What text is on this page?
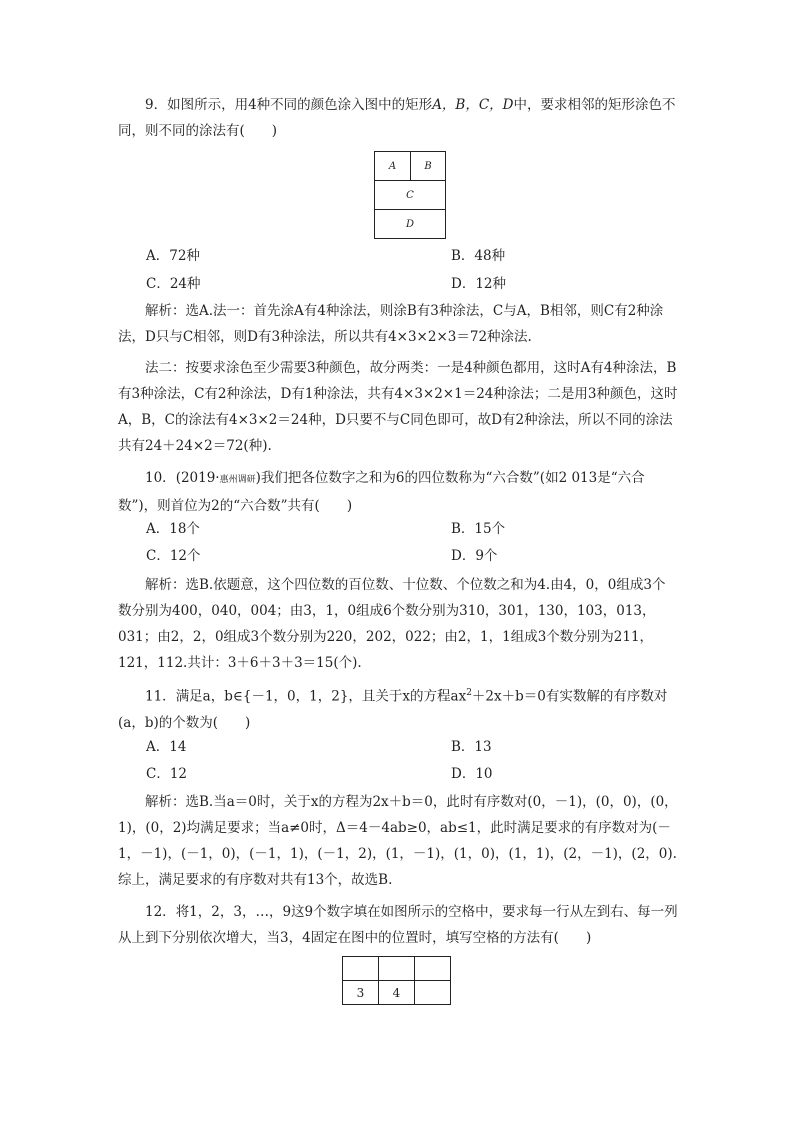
9．如图所示，用4种不同的颜色涂入图中的矩形A，B，C，D中，要求相邻的矩形涂色不同，则不同的涂法有(　　)

A	B
C
D
A．72种	B．48种
C．24种	D．12种

解析：选A.法一：首先涂A有4种涂法，则涂B有3种涂法，C与A，B相邻，则C有2种涂法，D只与C相邻，则D有3种涂法，所以共有4×3×2×3＝72种涂法.

法二：按要求涂色至少需要3种颜色，故分两类：一是4种颜色都用，这时A有4种涂法，B有3种涂法，C有2种涂法，D有1种涂法，共有4×3×2×1＝24种涂法；二是用3种颜色，这时A，B，C的涂法有4×3×2＝24种，D只要不与C同色即可，故D有2种涂法，所以不同的涂法共有24＋24×2＝72(种).

10．(2019·惠州调研)我们把各位数字之和为6的四位数称为“六合数”(如2 013是“六合数”)，则首位为2的“六合数”共有(　　)

A．18个	B．15个
C．12个	D．9个

解析：选B.依题意，这个四位数的百位数、十位数、个位数之和为4.由4，0，0组成3个数分别为400，040，004；由3，1，0组成6个数分别为310，301，130，103，013，031；由2，2，0组成3个数分别为220，202，022；由2，1，1组成3个数分别为211，121，112.共计：3＋6＋3＋3＝15(个).

11．满足a，b∈{－1，0，1，2}，且关于x的方程$ax^2+2x+b=0$有实数解的有序数对(a，b)的个数为(　　)

A．14	B．13
C．12	D．10

解析：选B.当a＝0时，关于x的方程为2x＋b＝0，此时有序数对(0，－1)，(0，0)，(0，1)，(0，2)均满足要求；当a≠0时，Δ＝4－4ab≥0，ab≤1，此时满足要求的有序数对为(－1，－1)，(－1，0)，(－1，1)，(－1，2)，(1，－1)，(1，0)，(1，1)，(2，－1)，(2，0).综上，满足要求的有序数对共有13个，故选B.

12．将1，2，3，…，9这9个数字填在如图所示的空格中，要求每一行从左到右、每一列从上到下分别依次增大，当3，4固定在图中的位置时，填写空格的方法有(　　)

3	4	
